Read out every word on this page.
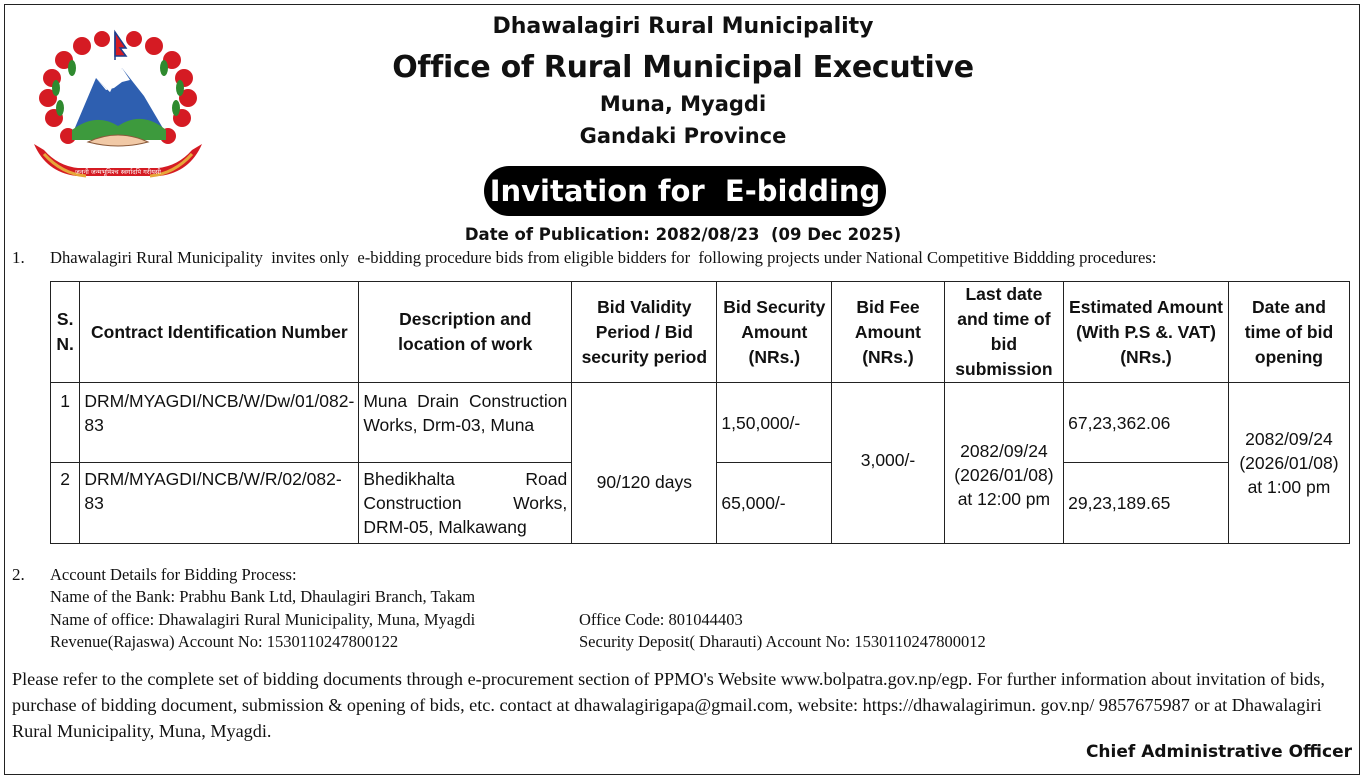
जननी जन्मभूमिश्च स्वर्गादपि गरीयसी
Dhawalagiri Rural Municipality
Office of Rural Municipal Executive
Muna, Myagdi
Gandaki Province
Invitation for  E-bidding
Date of Publication: 2082/08/23  (09 Dec 2025)
1. Dhawalagiri Rural Municipality  invites only  e-bidding procedure bids from eligible bidders for  following projects under National Competitive Biddding procedures:
S. N.	Contract Identification Number	Description and location of work	Bid Validity Period / Bid security period	Bid Security Amount (NRs.)	Bid Fee Amount (NRs.)	Last date and time of bid submission	Estimated Amount (With P.S &. VAT) (NRs.)	Date and time of bid opening
1	DRM/MYAGDI/NCB/W/Dw/01/082-83	Muna Drain Construction Works, Drm-03, Muna	90/120 days	1,50,000/-	3,000/-	2082/09/24 (2026/01/08) at 12:00 pm	67,23,362.06	2082/09/24 (2026/01/08) at 1:00 pm
2	DRM/MYAGDI/NCB/W/R/02/082-83	Bhedikhalta Road Construction Works, DRM-05, Malkawang		65,000/-			29,23,189.65	
2. Account Details for Bidding Process:
Name of the Bank: Prabhu Bank Ltd, Dhaulagiri Branch, Takam
Name of office: Dhawalagiri Rural Municipality, Muna, Myagdi	Office Code: 801044403
Revenue(Rajaswa) Account No: 1530110247800122	Security Deposit( Dharauti) Account No: 1530110247800012
Please refer to the complete set of bidding documents through e-procurement section of PPMO's Website www.bolpatra.gov.np/egp. For further information about invitation of bids, purchase of bidding document, submission & opening of bids, etc. contact at dhawalagirigapa@gmail.com, website: https://dhawalagirimun. gov.np/ 9857675987 or at Dhawalagiri Rural Municipality, Muna, Myagdi.
Chief Administrative Officer
